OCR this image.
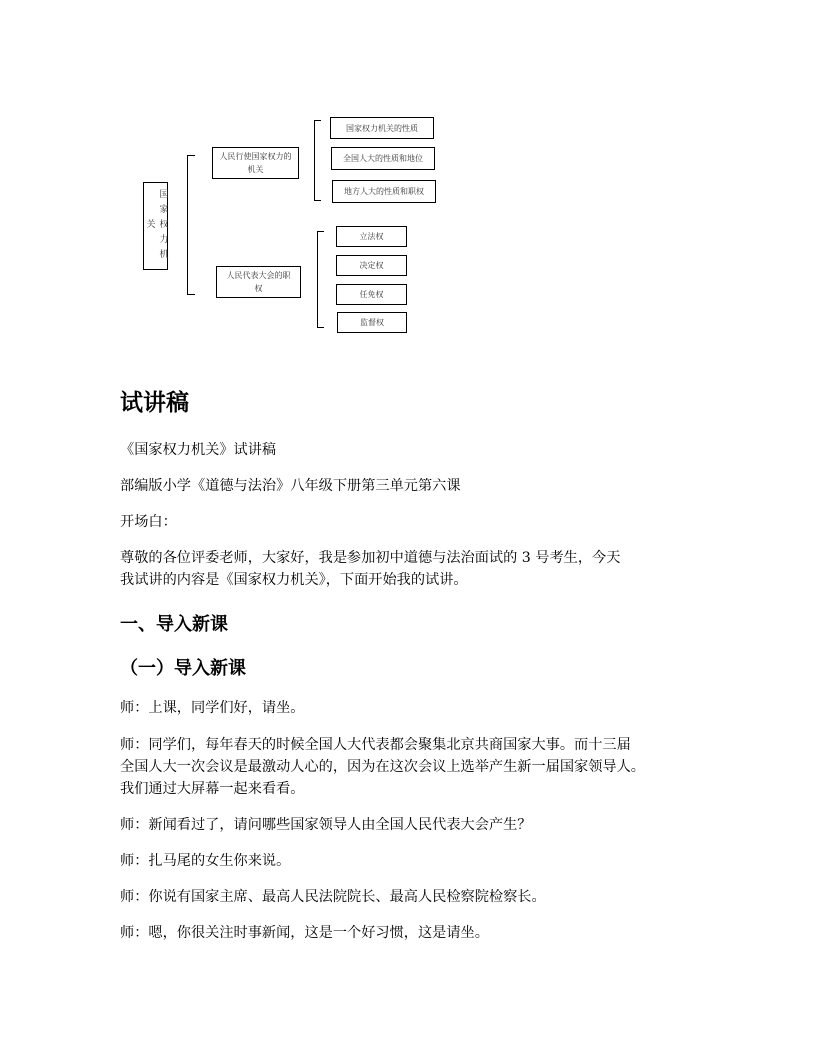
国家权力机关
人民行使国家权力的机关
国家权力机关的性质
全国人大的性质和地位
地方人大的性质和职权
人民代表大会的职权
立法权
决定权
任免权
监督权
试讲稿

《国家权力机关》试讲稿

部编版小学《道德与法治》八年级下册第三单元第六课

开场白：

尊敬的各位评委老师，大家好，我是参加初中道德与法治面试的 3 号考生，今天

我试讲的内容是《国家权力机关》，下面开始我的试讲。

一、导入新课
（一）导入新课

师：上课，同学们好，请坐。

师：同学们，每年春天的时候全国人大代表都会聚集北京共商国家大事。而十三届

全国人大一次会议是最激动人心的，因为在这次会议上选举产生新一届国家领导人。

我们通过大屏幕一起来看看。

师：新闻看过了，请问哪些国家领导人由全国人民代表大会产生？

师：扎马尾的女生你来说。

师：你说有国家主席、最高人民法院院长、最高人民检察院检察长。

师：嗯，你很关注时事新闻，这是一个好习惯，这是请坐。
